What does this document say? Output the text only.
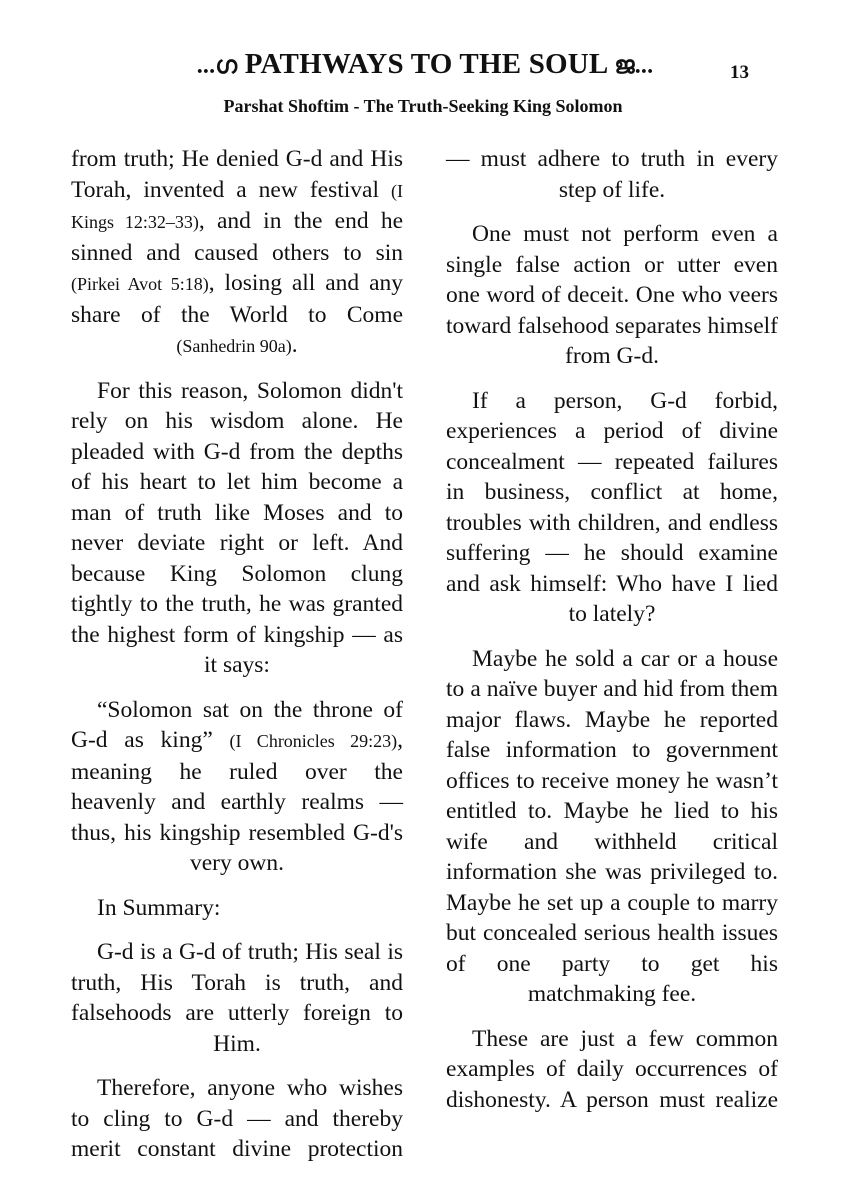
...ഗ PATHWAYS TO THE SOUL ജ...	13
Parshat Shoftim - The Truth-Seeking King Solomon

from truth; He denied G-d and His Torah, invented a new festival (I Kings 12:32–33), and in the end he sinned and caused others to sin (Pirkei Avot 5:18), losing all and any share of the World to Come (Sanhedrin 90a).

For this reason, Solomon didn't rely on his wisdom alone. He pleaded with G-d from the depths of his heart to let him become a man of truth like Moses and to never deviate right or left. And because King Solomon clung tightly to the truth, he was granted the highest form of kingship — as it says:

“Solomon sat on the throne of G-d as king” (I Chronicles 29:23), meaning he ruled over the heavenly and earthly realms — thus, his kingship resembled G-d's very own.

In Summary:

G-d is a G-d of truth; His seal is truth, His Torah is truth, and falsehoods are utterly foreign to Him.

Therefore, anyone who wishes to cling to G-d — and thereby merit constant divine protection

— must adhere to truth in every step of life.

One must not perform even a single false action or utter even one word of deceit. One who veers toward falsehood separates himself from G-d.

If a person, G-d forbid, experiences a period of divine concealment — repeated failures in business, conflict at home, troubles with children, and endless suffering — he should examine and ask himself: Who have I lied to lately?

Maybe he sold a car or a house to a naïve buyer and hid from them major flaws. Maybe he reported false information to government offices to receive money he wasn’t entitled to. Maybe he lied to his wife and withheld critical information she was privileged to. Maybe he set up a couple to marry but concealed serious health issues of one party to get his matchmaking fee.

These are just a few common examples of daily occurrences of dishonesty. A person must realize
